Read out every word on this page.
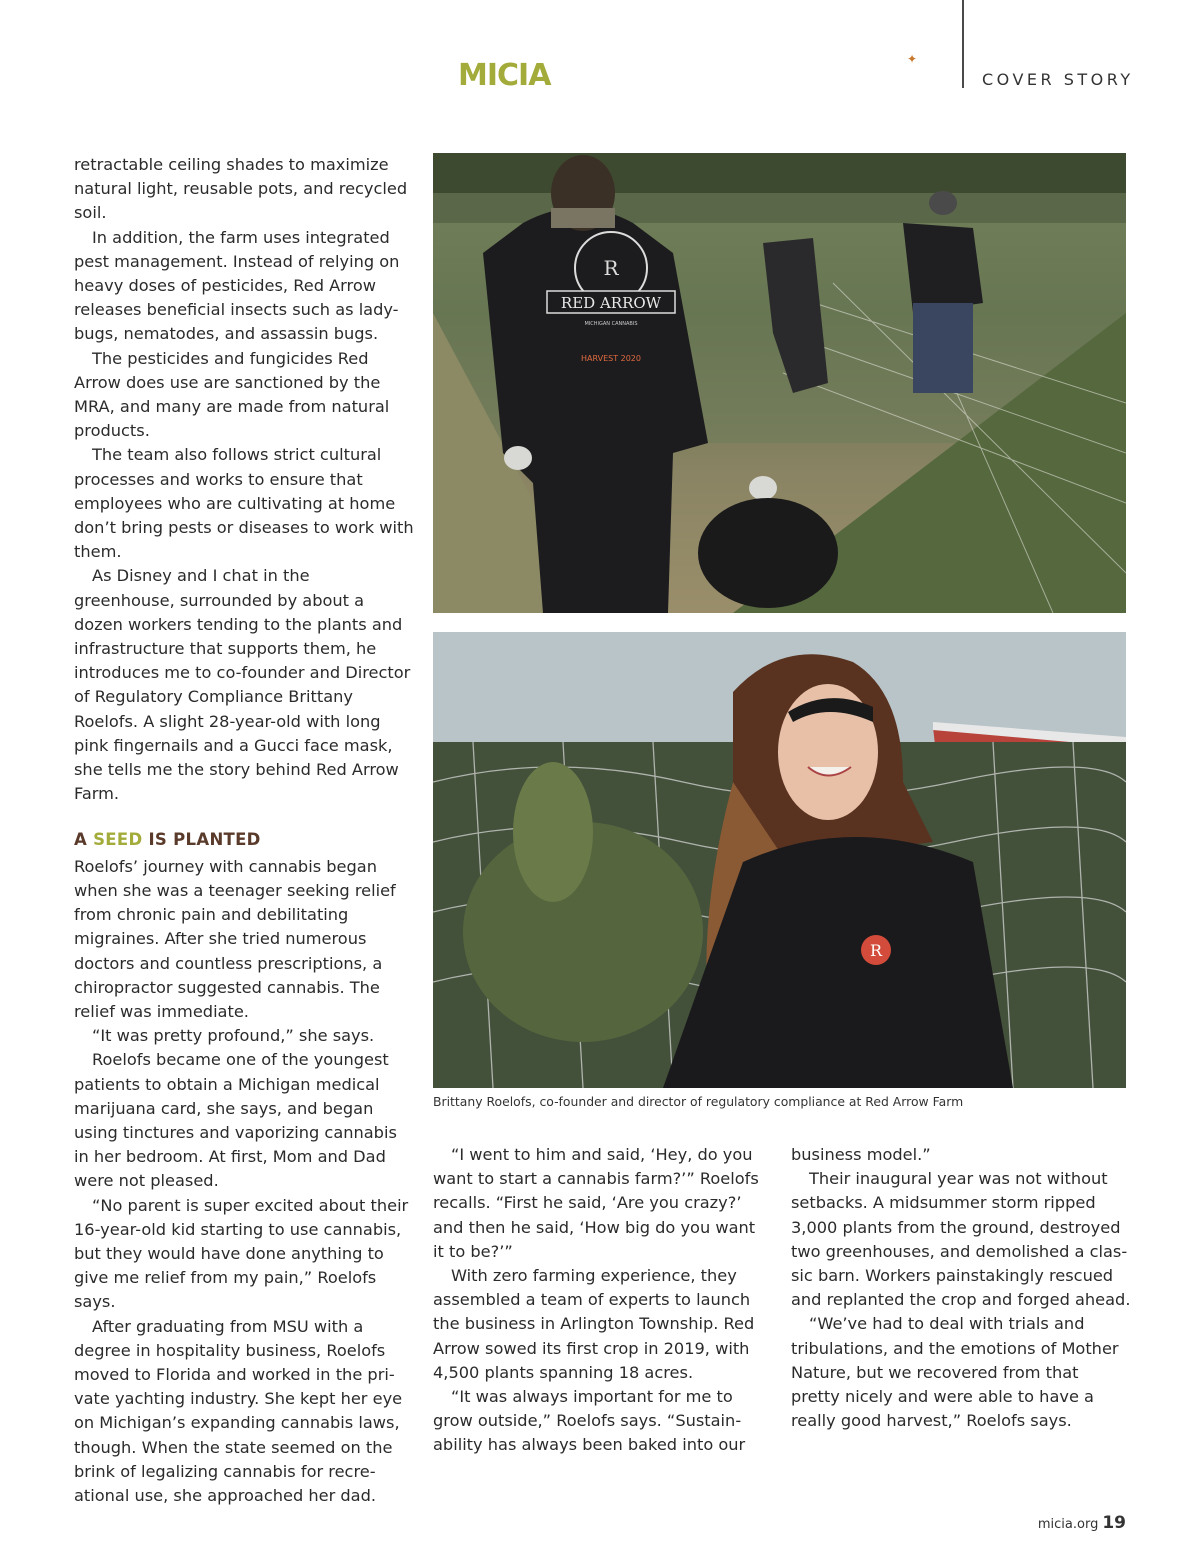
MICIA	✦
COVER STORY

retractable ceiling shades to maximize natural light, reusable pots, and recycled soil.

In addition, the farm uses integrated pest management. Instead of relying on heavy doses of pesticides, Red Arrow releases beneficial insects such as lady-bugs, nematodes, and assassin bugs.

The pesticides and fungicides Red Arrow does use are sanctioned by the MRA, and many are made from natural products.

The team also follows strict cultural processes and works to ensure that employees who are cultivating at home don’t bring pests or diseases to work with them.

As Disney and I chat in the greenhouse, surrounded by about a dozen workers tending to the plants and infrastructure that supports them, he introduces me to co-founder and Director of Regulatory Compliance Brittany Roelofs. A slight 28-year-old with long pink fingernails and a Gucci face mask, she tells me the story behind Red Arrow Farm.

A SEED IS PLANTED

Roelofs’ journey with cannabis began when she was a teenager seeking relief from chronic pain and debilitating migraines. After she tried numerous doctors and countless prescriptions, a chiropractor suggested cannabis. The relief was immediate.

“It was pretty profound,” she says.

Roelofs became one of the youngest patients to obtain a Michigan medical marijuana card, she says, and began using tinctures and vaporizing cannabis in her bedroom. At first, Mom and Dad were not pleased.

“No parent is super excited about their 16-year-old kid starting to use cannabis, but they would have done anything to give me relief from my pain,” Roelofs says.

After graduating from MSU with a degree in hospitality business, Roelofs moved to Florida and worked in the pri-vate yachting industry. She kept her eye on Michigan’s expanding cannabis laws, though. When the state seemed on the brink of legalizing cannabis for recre-ational use, she approached her dad.

RED ARROW
MICHIGAN CANNABIS
HARVEST 2020
R
R
Brittany Roelofs, co-founder and director of regulatory compliance at Red Arrow Farm

“I went to him and said, ‘Hey, do you want to start a cannabis farm?’” Roelofs recalls. “First he said, ‘Are you crazy?’ and then he said, ‘How big do you want it to be?’”

With zero farming experience, they assembled a team of experts to launch the business in Arlington Township. Red Arrow sowed its first crop in 2019, with 4,500 plants spanning 18 acres.

“It was always important for me to grow outside,” Roelofs says. “Sustain-ability has always been baked into our

business model.”

Their inaugural year was not without setbacks. A midsummer storm ripped 3,000 plants from the ground, destroyed two greenhouses, and demolished a clas-sic barn. Workers painstakingly rescued and replanted the crop and forged ahead.

“We’ve had to deal with trials and tribulations, and the emotions of Mother Nature, but we recovered from that pretty nicely and were able to have a really good harvest,” Roelofs says.

micia.org 19
